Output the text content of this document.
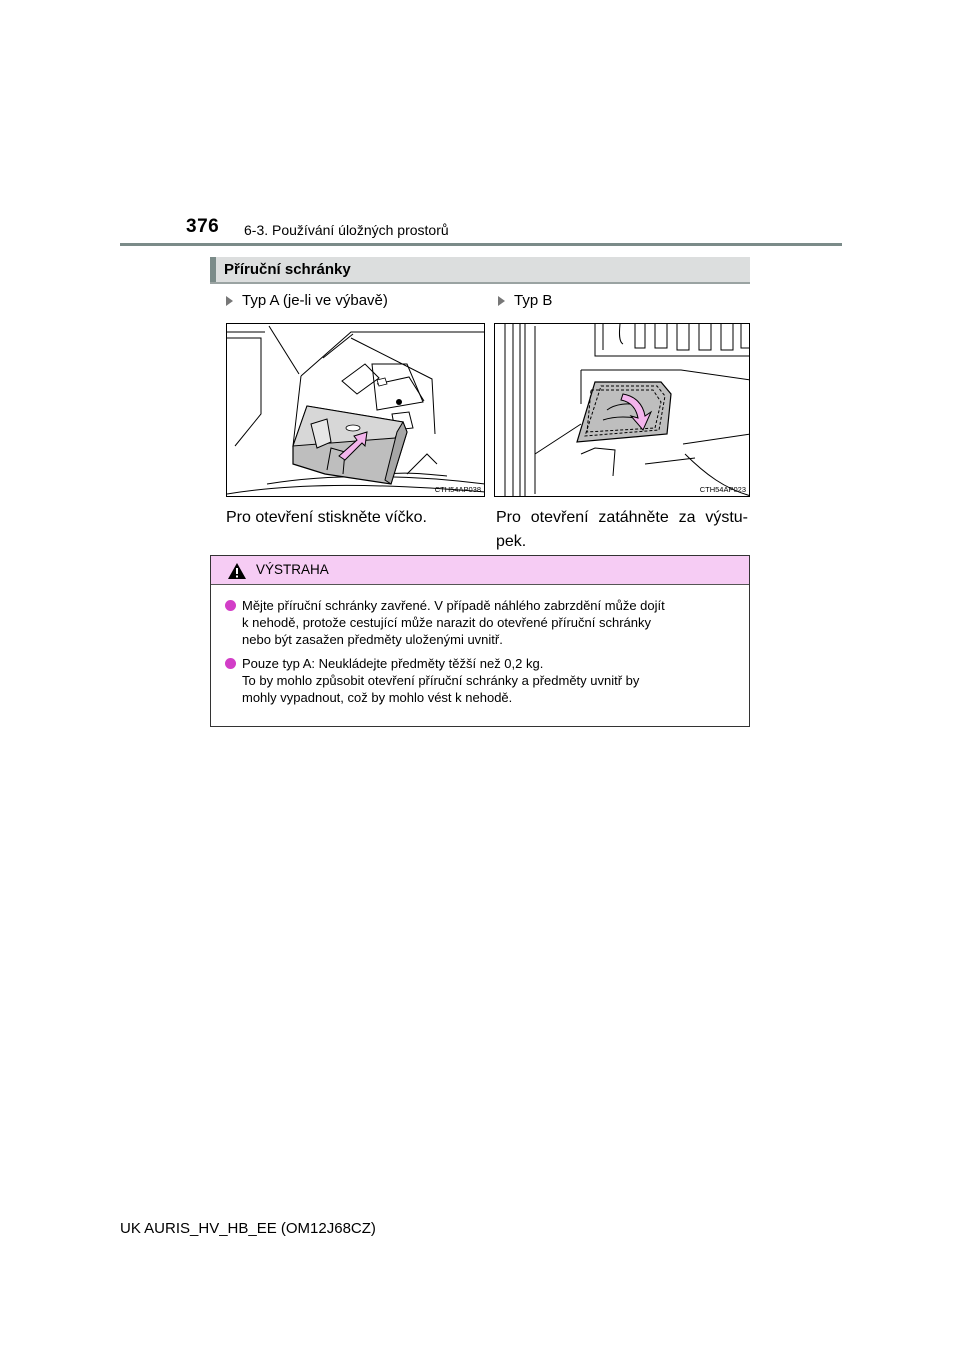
376 6-3. Používání úložných prostorů
Příruční schránky
Typ A (je-li ve výbavě)	Typ B
CTH54AP038	CTH54AP023
Pro otevření stiskněte víčko.	Pro otevření zatáhněte za výstu-pek.
VÝSTRAHA
Mějte příruční schránky zavřené. V případě náhlého zabrzdění může dojít
k nehodě, protože cestující může narazit do otevřené příruční schránky
nebo být zasažen předměty uloženými uvnitř.
Pouze typ A: Neukládejte předměty těžší než 0,2 kg.
To by mohlo způsobit otevření příruční schránky a předměty uvnitř by
mohly vypadnout, což by mohlo vést k nehodě.
UK AURIS_HV_HB_EE (OM12J68CZ)
